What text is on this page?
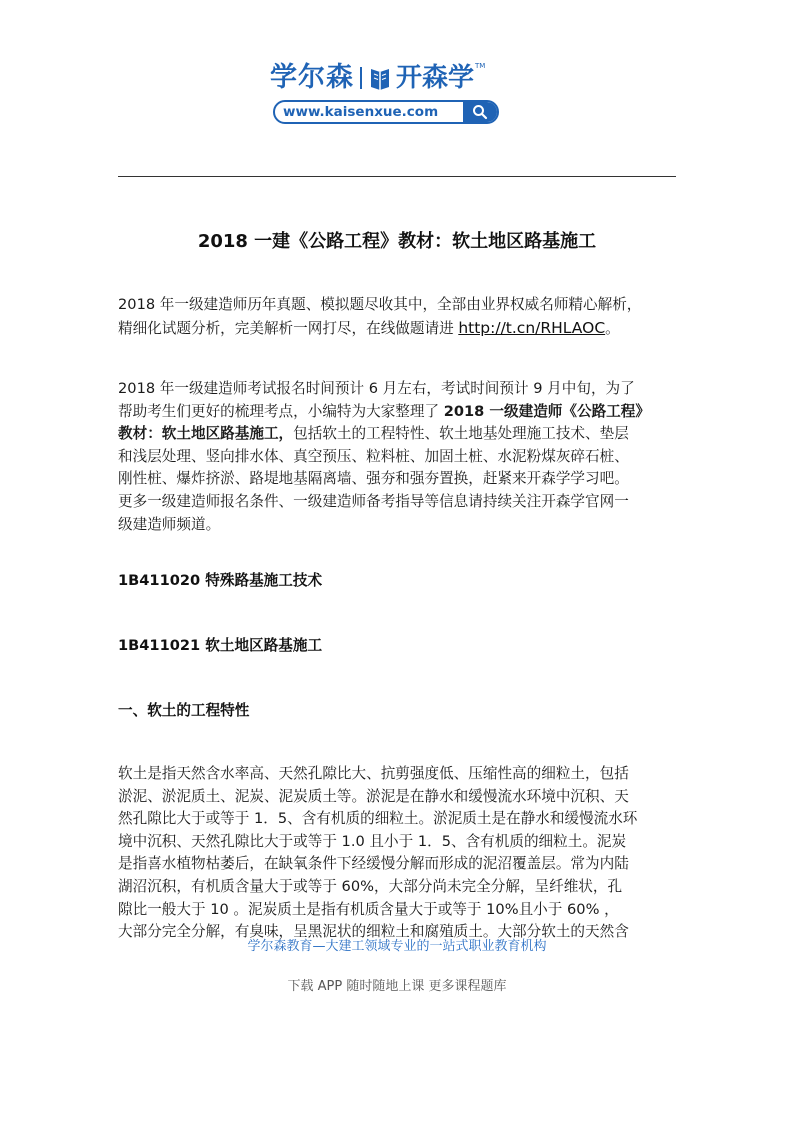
学尔森 开森学 TM
www.kaisenxue.com
2018 一建《公路工程》教材：软土地区路基施工

2018 年一级建造师历年真题、模拟题尽收其中，全部由业界权威名师精心解析，
精细化试题分析，完美解析一网打尽，在线做题请进 http://t.cn/RHLAOC。

2018 年一级建造师考试报名时间预计 6 月左右，考试时间预计 9 月中旬，为了
帮助考生们更好的梳理考点，小编特为大家整理了 2018 一级建造师《公路工程》
教材：软土地区路基施工，包括软土的工程特性、软土地基处理施工技术、垫层
和浅层处理、竖向排水体、真空预压、粒料桩、加固土桩、水泥粉煤灰碎石桩、
刚性桩、爆炸挤淤、路堤地基隔离墙、强夯和强夯置换，赶紧来开森学学习吧。
更多一级建造师报名条件、一级建造师备考指导等信息请持续关注开森学官网一
级建造师频道。

1B411020 特殊路基施工技术

1B411021 软土地区路基施工

一、软土的工程特性

软土是指天然含水率高、天然孔隙比大、抗剪强度低、压缩性高的细粒土，包括
淤泥、淤泥质土、泥炭、泥炭质土等。淤泥是在静水和缓慢流水环境中沉积、天
然孔隙比大于或等于 1．5、含有机质的细粒土。淤泥质土是在静水和缓慢流水环
境中沉积、天然孔隙比大于或等于 1.0 且小于 1．5、含有机质的细粒土。泥炭
是指喜水植物枯萎后，在缺氧条件下经缓慢分解而形成的泥沼覆盖层。常为内陆
湖沼沉积，有机质含量大于或等于 60%，大部分尚未完全分解，呈纤维状，孔
隙比一般大于 10 。泥炭质土是指有机质含量大于或等于 10%且小于 60% ，
大部分完全分解，有臭味，呈黑泥状的细粒土和腐殖质土。大部分软土的天然含

学尔森教育—大建工领域专业的一站式职业教育机构
下载 APP 随时随地上课 更多课程题库
